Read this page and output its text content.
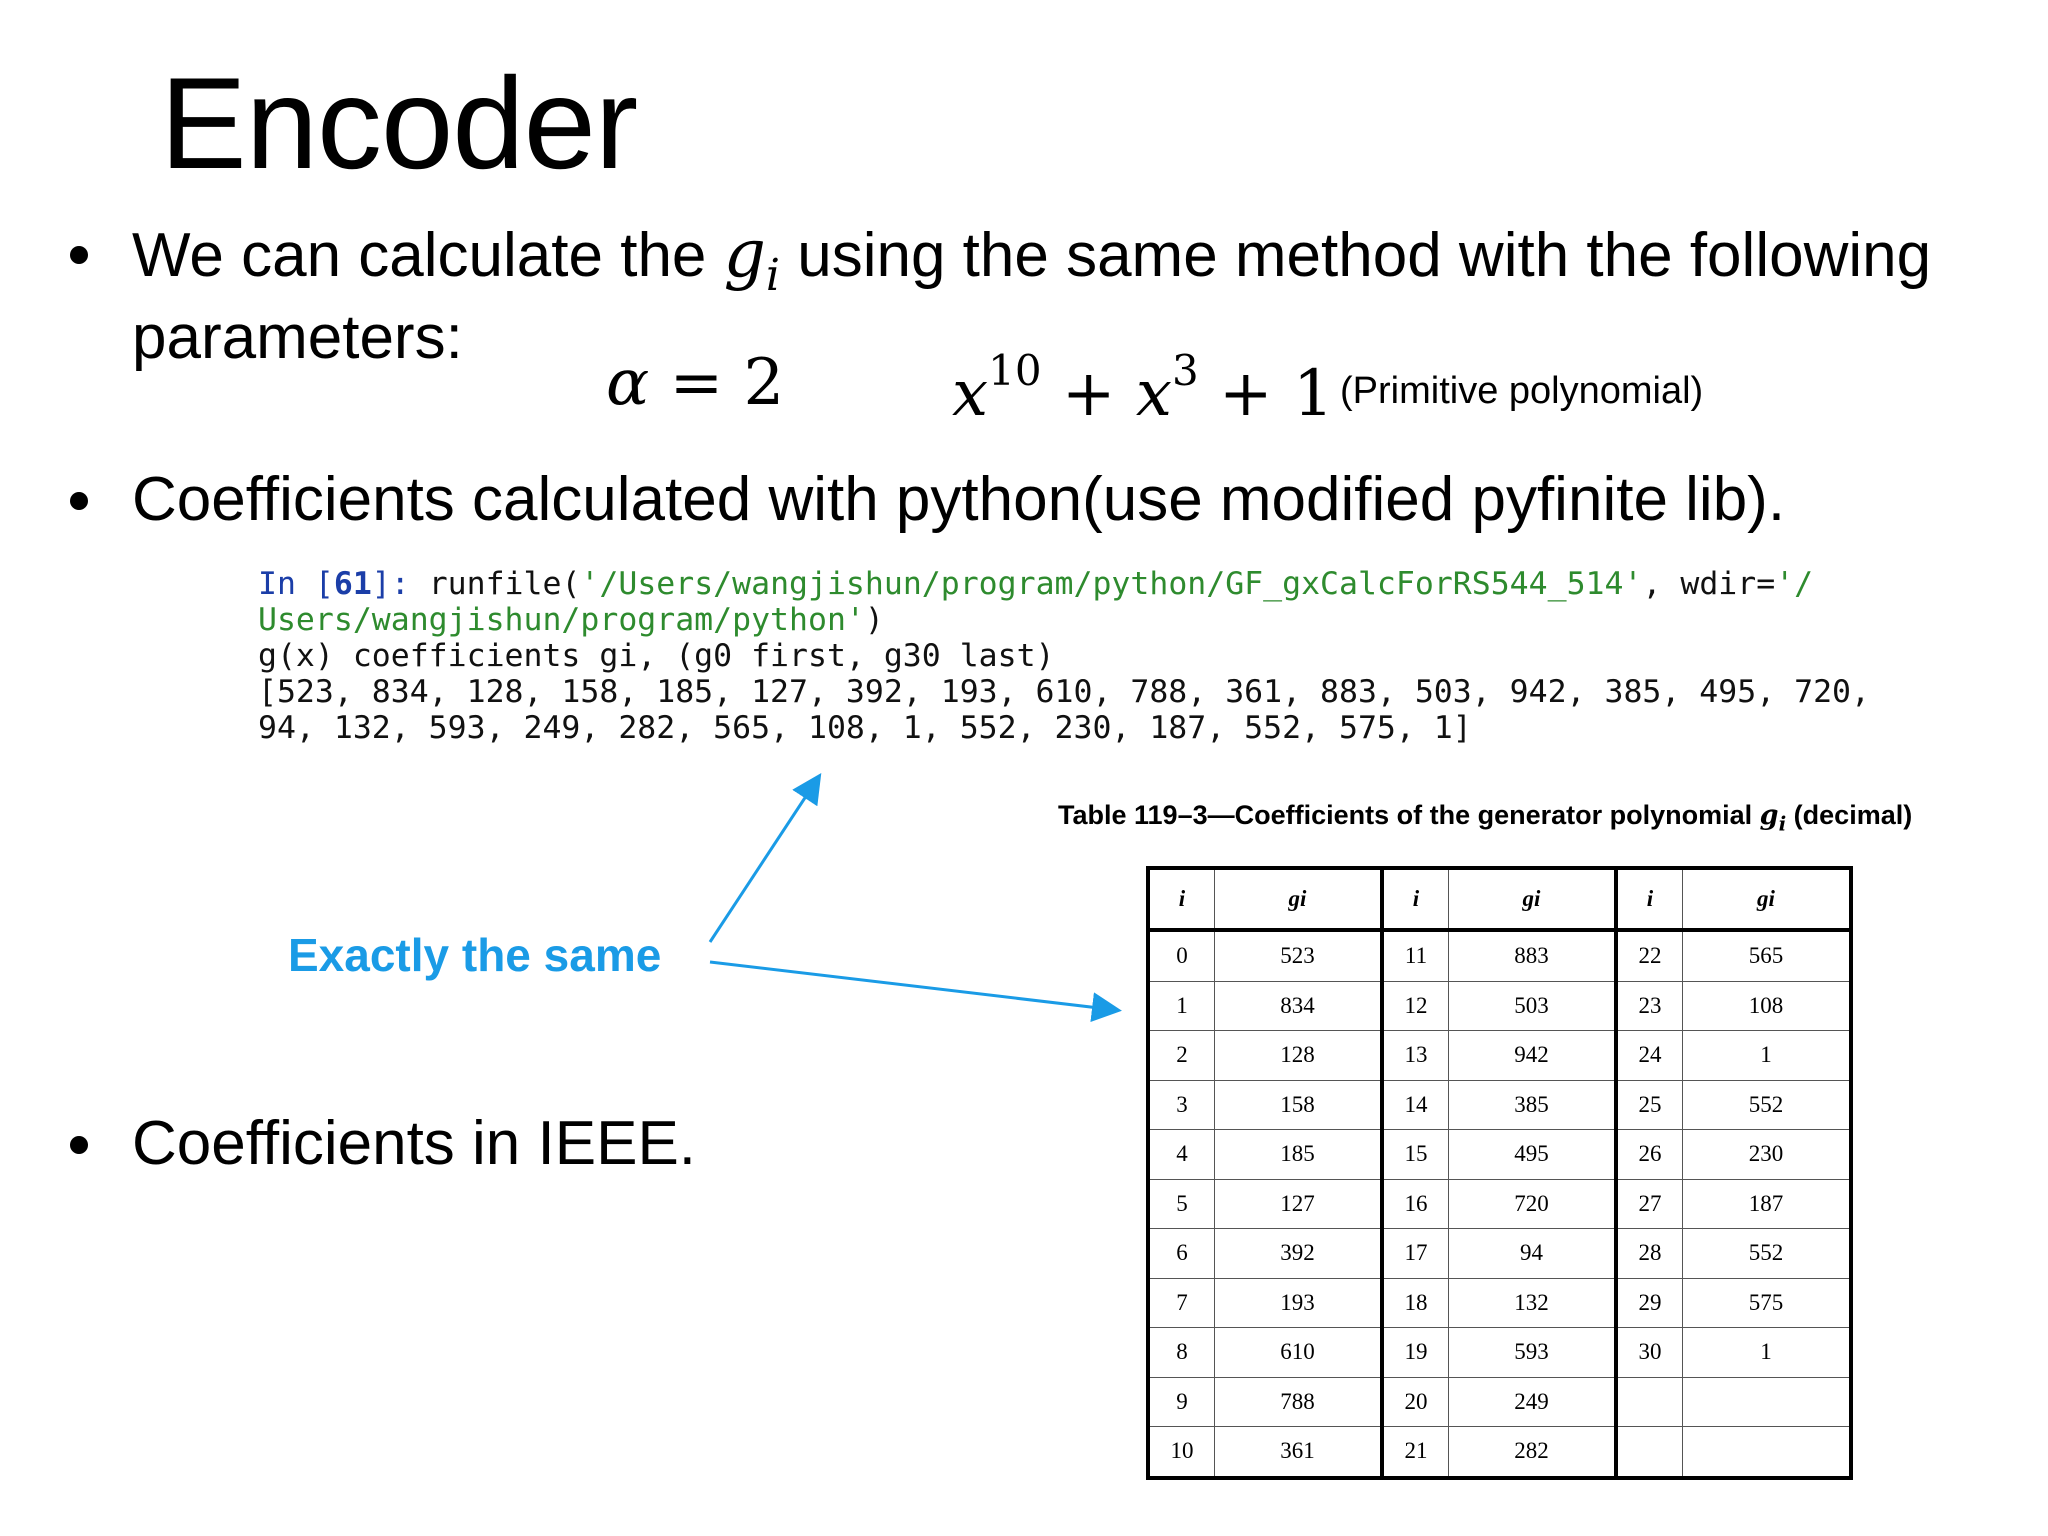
Encoder
We can calculate the $g_i$ using the same method with the following
parameters:
α = 2	$x^{10} + x^3 + 1$ (Primitive polynomial)
Coefficients calculated with python(use modified pyfinite lib).
In [61]: runfile('/Users/wangjishun/program/python/GF_gxCalcForRS544_514', wdir='/
Users/wangjishun/program/python')
g(x) coefficients gi, (g0 first, g30 last)
[523, 834, 128, 158, 185, 127, 392, 193, 610, 788, 361, 883, 503, 942, 385, 495, 720,
94, 132, 593, 249, 282, 565, 108, 1, 552, 230, 187, 552, 575, 1]
Exactly the same
Coefficients in IEEE.
Table 119–3—Coefficients of the generator polynomial $g_i$ (decimal)
i	gi	i	gi	i	gi
0	523	11	883	22	565
1	834	12	503	23	108
2	128	13	942	24	1
3	158	14	385	25	552
4	185	15	495	26	230
5	127	16	720	27	187
6	392	17	94	28	552
7	193	18	132	29	575
8	610	19	593	30	1
9	788	20	249		
10	361	21	282		
